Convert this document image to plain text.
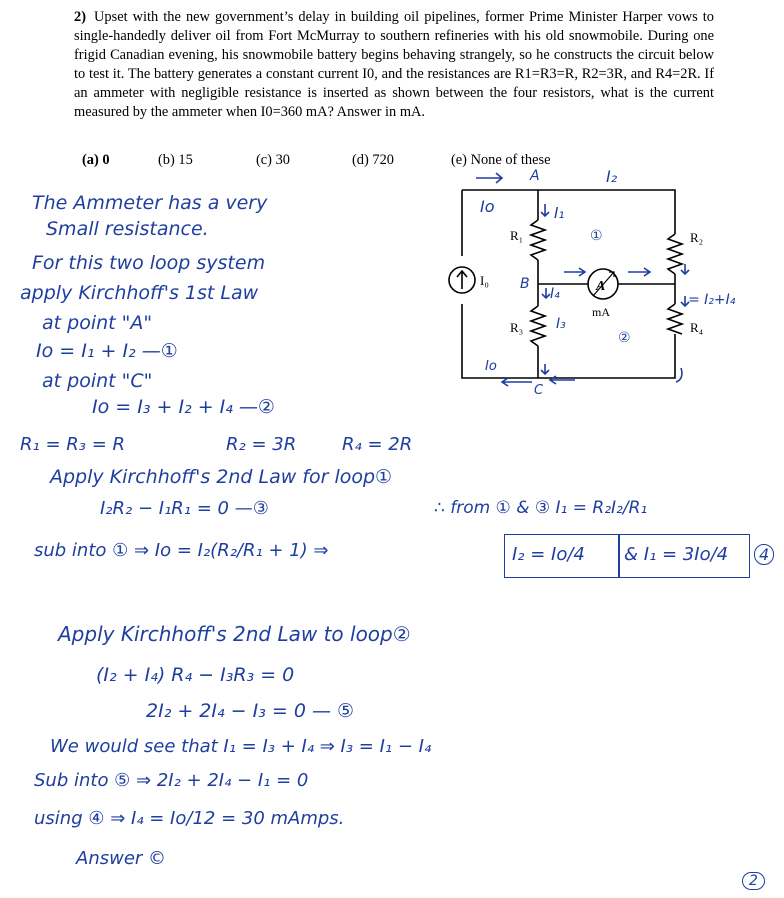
2) Upset with the new government’s delay in building oil pipelines, former Prime Minister Harper vows to single-handedly deliver oil from Fort McMurray to southern refineries with his old snowmobile. During one frigid Canadian evening, his snowmobile battery begins behaving strangely, so he constructs the circuit below to test it. The battery generates a constant current I0, and the resistances are R1=R3=R, R2=3R, and R4=2R. If an ammeter with negligible resistance is inserted as shown between the four resistors, what is the current measured by the ammeter when I0=360 mA? Answer in mA.
(a) 0	(b) 15	(c) 30	(d) 720	(e) None of these
I₀
R₁
R₃
R₂
R₄
A
mA
Io	I₁
I₂
I₄
I₃
= I₂+I₄
Io
A
B
C
①
②
The Ammeter has a very
Small resistance.
For this two loop system
apply Kirchhoff's 1st Law
at point "A"
Io = I₁ + I₂ —①
at point "C"
Io = I₃ + I₂ + I₄ —②
R₁ = R₃ = R	R₂ = 3R	R₄ = 2R
Apply Kirchhoff's 2nd Law for loop①
I₂R₂ − I₁R₁ = 0 —③	∴ from ① & ③ I₁ = R₂I₂/R₁
sub into ① ⇒ Io = I₂(R₂/R₁ + 1) ⇒	I₂ = Io/4 & I₁ = 3Io/4	4
Apply Kirchhoff's 2nd Law to loop②
(I₂ + I₄) R₄ − I₃R₃ = 0
2I₂ + 2I₄ − I₃ = 0 — ⑤
We would see that I₁ = I₃ + I₄ ⇒ I₃ = I₁ − I₄
Sub into ⑤ ⇒ 2I₂ + 2I₄ − I₁ = 0
using ④ ⇒ I₄ = Io/12 = 30 mAmps.
Answer ©
2
